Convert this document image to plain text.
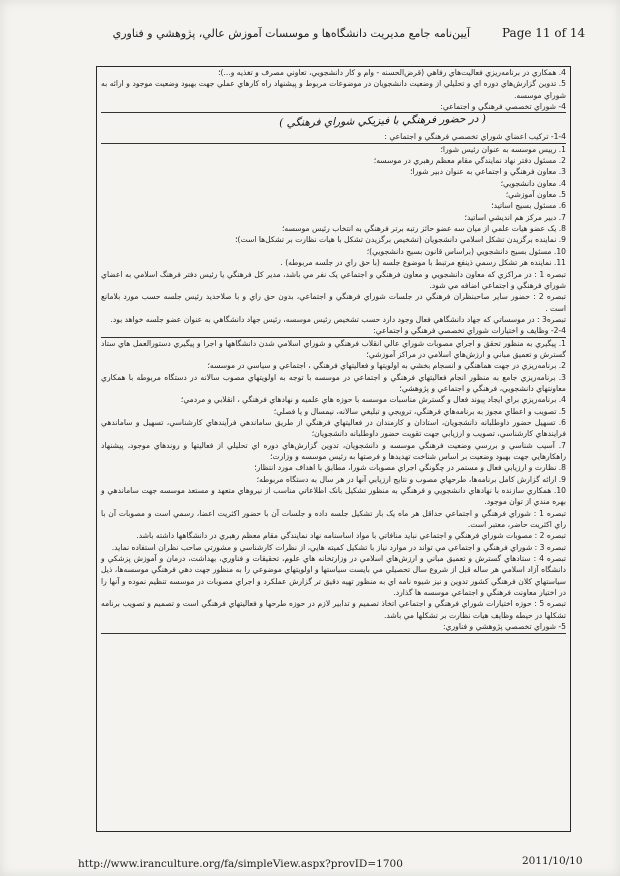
Page 11 of 14
آيين‌نامه جامع مديريت دانشگاه‌ها و موسسات آموزش عالي، پژوهشي و فناوري

4. همکاري در برنامه‌ريزي فعاليت‌هاي رفاهي (قرض‌الحسنه - وام و کار دانشجويي، تعاوني مصرف و تغذيه و...)؛

5. تدوين گزارش‌هاي دوره اي و تحليلي از وضعيت دانشجويان در موضوعات مربوط و پيشنهاد راه کارهاي عملي جهت بهبود وضعيت موجود و ارائه به شوراي موسسه.

4- شوراي تخصصي فرهنگي و اجتماعي:

( در حضور فرهنگي با فيزيکي شوراي فرهنگي )

1-4- ترکيب اعضاي شوراي تخصصي فرهنگي و اجتماعي :

1. رييس موسسه به عنوان رئيس شورا؛

2. مسئول دفتر نهاد نمايندگي مقام معظم رهبري در موسسه؛

3. معاون فرهنگي و اجتماعي به عنوان دبير شورا؛

4. معاون دانشجويي؛

5. معاون آموزشي؛

6. مسئول بسيج اساتيد؛

7. دبير مرکز هم انديشي اساتيد؛

8. يک عضو هيات علمي از ميان سه عضو حائز رتبه برتر فرهنگي به انتخاب رئيس موسسه؛

9. نماينده برگزيدن تشکل اسلامي دانشجويان (تشخيص برگزيدن تشکل با هيات نظارت بر تشکل‌ها است)؛

10. مسئول بسيج دانشجويي (براساس قانون بسيج دانشجويي)؛

11. نماينده هر تشکل رسمي ذينفع مرتبط با موضوع جلسه (با حق راي در جلسه مربوطه) .

تبصره 1 : در مراکزي که معاون دانشجويي و معاون فرهنگي و اجتماعي يک نفر مي باشد، مدير کل فرهنگي يا رئيس دفتر فرهنگ اسلامي به اعضاي شوراي فرهنگي و اجتماعي اضافه مي شود.

تبصره 2 : حضور ساير صاحبنظران فرهنگي در جلسات شوراي فرهنگي و اجتماعي، بدون حق راي و با صلاحديد رئيس جلسه حسب مورد بلامانع است .

تبصره3 : در موسساتي که جهاد دانشگاهي فعال وجود دارد حسب تشخيص رئيس موسسه، رئيس جهاد دانشگاهي به عنوان عضو جلسه خواهد بود.

2-4- وظايف و اختيارات شوراي تخصصي فرهنگي و اجتماعي:

1. پيگيري به منظور تحقق و اجراي مصوبات شوراي عالي انقلاب فرهنگي و شوراي اسلامي شدن دانشگاهها و اجرا و پيگيري دستورالعمل هاي ستاد گسترش و تعميق مباني و ارزش‌هاي اسلامي در مراکز آموزشي؛

2. برنامه‌ريزي در جهت هماهنگي و انسجام بخشي به اولويتها و فعاليتهاي فرهنگي ، اجتماعي و سياسي در موسسه؛

3. برنامه‌ريزي جامع به منظور انجام فعاليتهاي فرهنگي و اجتماعي در موسسه با توجه به اولويتهاي مصوب سالانه در دستگاه مربوطه با همکاري معاونتهاي دانشجويي، فرهنگي و اجتماعي و پژوهشي؛

4. برنامه‌ريزي براي ايجاد پيوند فعال و گسترش مناسبات موسسه با حوزه هاي علميه و نهادهاي فرهنگي ، انقلابي و مردمي؛

5. تصويب و اعطاي مجوز به برنامه‌هاي فرهنگي، ترويجي و تبليغي سالانه، نيمسال و يا فصلي؛

6. تسهيل حضور داوطلبانه دانشجويان، استادان و کارمندان در فعاليتهاي فرهنگي از طريق ساماندهي فرآيندهاي کارشناسي، تسهيل و ساماندهي فرايندهاي کارشناسي، تصويب و ارزيابي جهت تقويت حضور داوطلبانه دانشجويان؛

7. آسيب شناسي و بررسي وضعيت فرهنگي موسسه و دانشجويان، تدوين گزارش‌هاي دوره اي تحليلي از فعاليتها و روندهاي موجود، پيشنهاد راهکارهايي جهت بهبود وضعيت بر اساس شناخت تهديدها و فرصتها به رئيس موسسه و وزارت؛

8. نظارت و ارزيابي فعال و مستمر در چگونگي اجراي مصوبات شورا، مطابق با اهداف مورد انتظار؛

9. ارائه گزارش کامل برنامه‌ها، طرحهاي مصوب و نتايج ارزيابي آنها در هر سال به دستگاه مربوطه؛

10. همکاري سازنده با نهادهاي دانشجويي و فرهنگي به منظور تشکيل بانک اطلاعاتي مناسب از نيروهاي متعهد و مستعد موسسه جهت ساماندهي و بهره مندي از توان موجود.

تبصره 1 : شوراي فرهنگي و اجتماعي حداقل هر ماه يک بار تشکيل جلسه داده و جلسات آن با حضور اکثريت اعضا، رسمي است و مصوبات آن با راي اکثريت حاضر، معتبر است.

تبصره 2 : مصوبات شوراي فرهنگي و اجتماعي نبايد منافاتي با مواد اساسنامه نهاد نمايندگي مقام معظم رهبري در دانشگاهها داشته باشد.

تبصره 3 : شوراي فرهنگي و اجتماعي مي تواند در موارد نياز با تشکيل کميته هايي، از نظرات کارشناسي و مشورتي صاحب نظران استفاده نمايد.

تبصره 4 : ستادهاي گسترش و تعميق مباني و ارزش‌هاي اسلامي در وزارتخانه هاي علوم، تحقيقات و فناوري، بهداشت، درمان و آموزش پزشکي و دانشگاه آزاد اسلامي هر ساله قبل از شروع سال تحصيلي مي بايست سياستها و اولويتهاي موضوعي را به منظور جهت دهي فرهنگي موسسه‌ها، ذيل سياستهاي کلان فرهنگي کشور تدوين و نيز شيوه نامه اي به منظور تهيه دقيق تر گزارش عملکرد و اجراي مصوبات در موسسه تنظيم نموده و آنها را در اختيار معاونت فرهنگي و اجتماعي موسسه ها گذارد.

تبصره 5 : حوزه اختيارات شوراي فرهنگي و اجتماعي اتخاذ تصميم و تدابير لازم در حوزه طرحها و فعاليتهاي فرهنگي است و تصميم و تصويب برنامه تشکلها در حيطه وظايف هيات نظارت بر تشکلها مي باشد.

5- شوراي تخصصي پژوهشي و فناوري:

http://www.iranculture.org/fa/simpleView.aspx?provID=1700	2011/10/10
